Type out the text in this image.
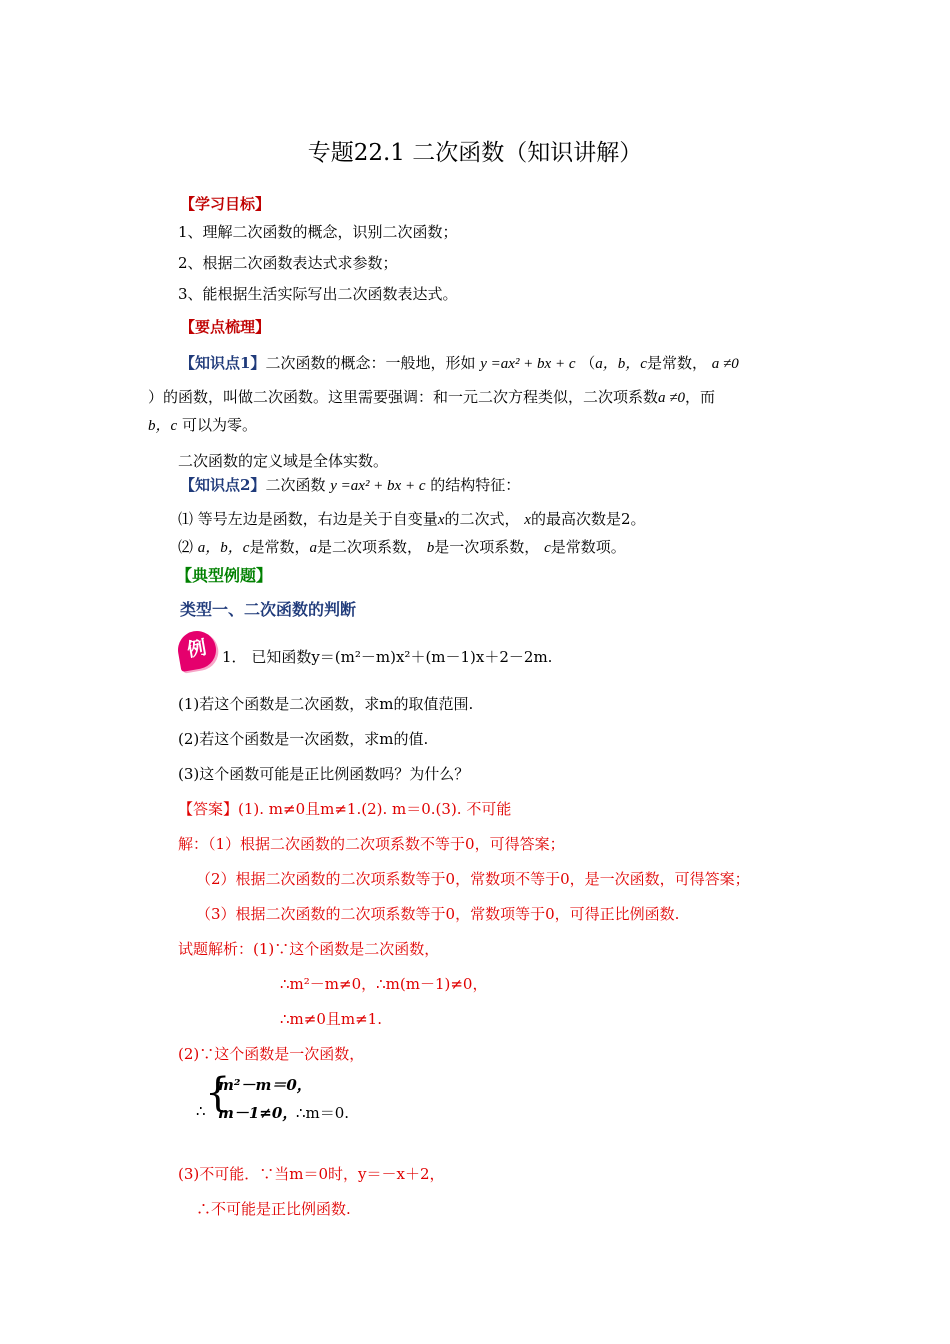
专题22.1 二次函数（知识讲解）
【学习目标】
1、理解二次函数的概念，识别二次函数；
2、根据二次函数表达式求参数；
3、能根据生活实际写出二次函数表达式。
【要点梳理】
【知识点1】二次函数的概念：一般地，形如 y =ax² + bx + c （a，b，c是常数， a ≠0
）的函数，叫做二次函数。这里需要强调：和一元二次方程类似，二次项系数a ≠0，而
b，c 可以为零。
二次函数的定义域是全体实数。
【知识点2】二次函数 y =ax² + bx + c 的结构特征：
⑴ 等号左边是函数，右边是关于自变量x的二次式， x的最高次数是2。
⑵ a，b，c是常数，a是二次项系数， b是一次项系数， c是常数项。
【典型例题】
类型一、二次函数的判断
例 1． 已知函数y＝(m²－m)x²＋(m－1)x＋2－2m.
(1)若这个函数是二次函数，求m的取值范围.
(2)若这个函数是一次函数，求m的值.
(3)这个函数可能是正比例函数吗？为什么？
【答案】(1). m≠0且m≠1.(2). m＝0.(3). 不可能
解：（1）根据二次函数的二次项系数不等于0，可得答案；
（2）根据二次函数的二次项系数等于0，常数项不等于0，是一次函数，可得答案；
（3）根据二次函数的二次项系数等于0，常数项等于0，可得正比例函数.
试题解析：(1)∵这个函数是二次函数，
∴m²－m≠0，∴m(m－1)≠0，
∴m≠0且m≠1.
(2)∵这个函数是一次函数，
∴ {
m²－m＝0，
m－1≠0，
∴m＝0.
(3)不可能．∵当m＝0时，y＝－x＋2，
∴不可能是正比例函数.
